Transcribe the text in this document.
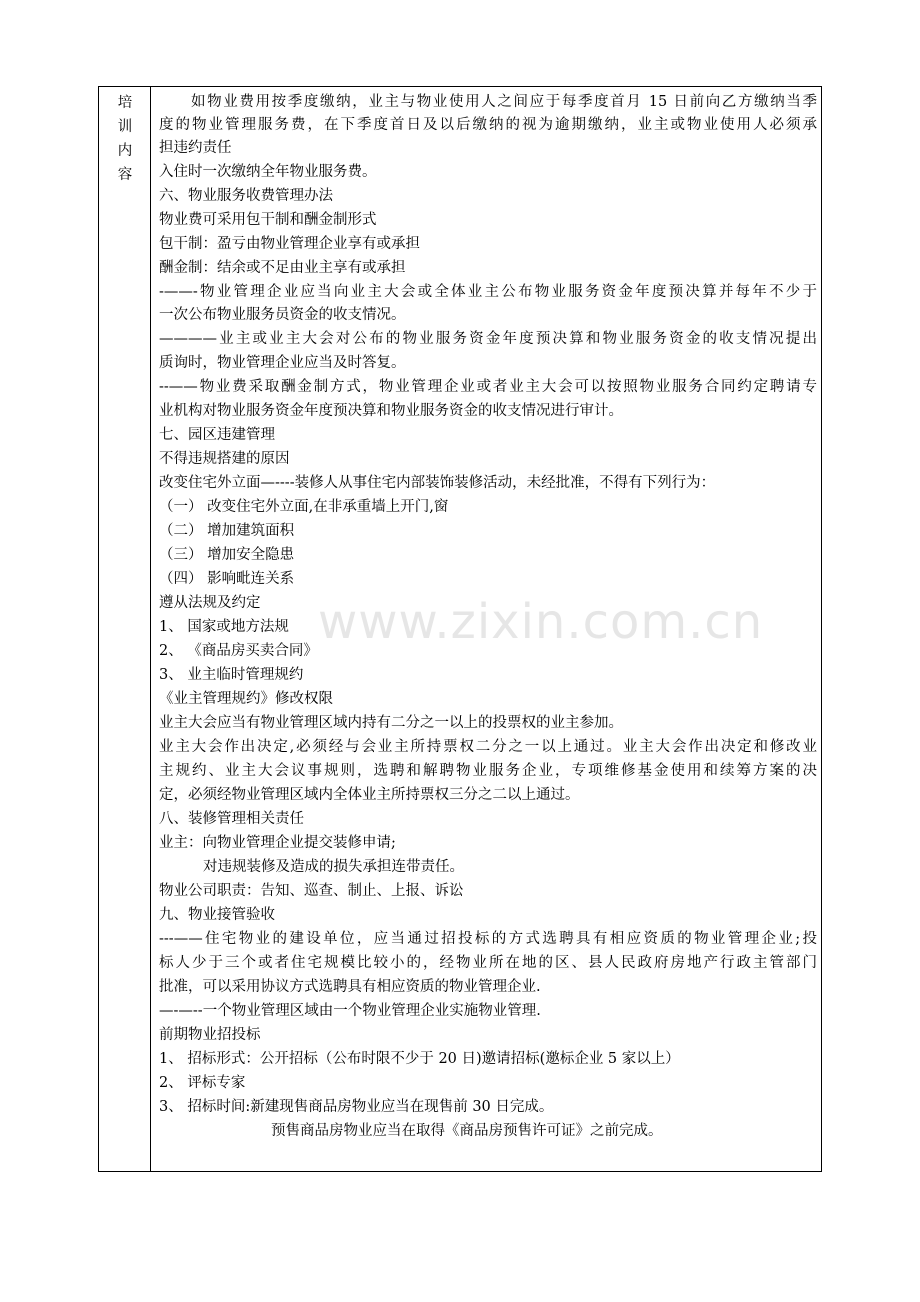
www.zixin.com.cn
培
训
内
容
如物业费用按季度缴纳，业主与物业使用人之间应于每季度首月 15 日前向乙方缴纳当季
度的物业管理服务费，在下季度首日及以后缴纳的视为逾期缴纳，业主或物业使用人必须承
担违约责任
入住时一次缴纳全年物业服务费。
六、物业服务收费管理办法
物业费可采用包干制和酬金制形式
包干制：盈亏由物业管理企业享有或承担
酬金制：结余或不足由业主享有或承担
-——-物业管理企业应当向业主大会或全体业主公布物业服务资金年度预决算并每年不少于
一次公布物业服务员资金的收支情况。
————业主或业主大会对公布的物业服务资金年度预决算和物业服务资金的收支情况提出
质询时，物业管理企业应当及时答复。
--——物业费采取酬金制方式，物业管理企业或者业主大会可以按照物业服务合同约定聘请专
业机构对物业服务资金年度预决算和物业服务资金的收支情况进行审计。
七、园区违建管理
不得违规搭建的原因
改变住宅外立面—----装修人从事住宅内部装饰装修活动，未经批准，不得有下列行为：
（一） 改变住宅外立面,在非承重墙上开门,窗
（二） 增加建筑面积
（三） 增加安全隐患
（四） 影响毗连关系
遵从法规及约定
1、 国家或地方法规
2、 《商品房买卖合同》
3、 业主临时管理规约
《业主管理规约》修改权限
业主大会应当有物业管理区域内持有二分之一以上的投票权的业主参加。
业主大会作出决定,必须经与会业主所持票权二分之一以上通过。业主大会作出决定和修改业
主规约、业主大会议事规则，选聘和解聘物业服务企业，专项维修基金使用和续筹方案的决
定，必须经物业管理区域内全体业主所持票权三分之二以上通过。
八、装修管理相关责任
业主：向物业管理企业提交装修申请;
对违规装修及造成的损失承担连带责任。
物业公司职责：告知、巡查、制止、上报、诉讼
九、物业接管验收
---——住宅物业的建设单位，应当通过招投标的方式选聘具有相应资质的物业管理企业;投
标人少于三个或者住宅规模比较小的，经物业所在地的区、县人民政府房地产行政主管部门
批准，可以采用协议方式选聘具有相应资质的物业管理企业.
—-—--一个物业管理区域由一个物业管理企业实施物业管理.
前期物业招投标
1、 招标形式：公开招标（公布时限不少于 20 日)邀请招标(邀标企业 5 家以上）
2、 评标专家
3、 招标时间:新建现售商品房物业应当在现售前 30 日完成。
预售商品房物业应当在取得《商品房预售许可证》之前完成。
